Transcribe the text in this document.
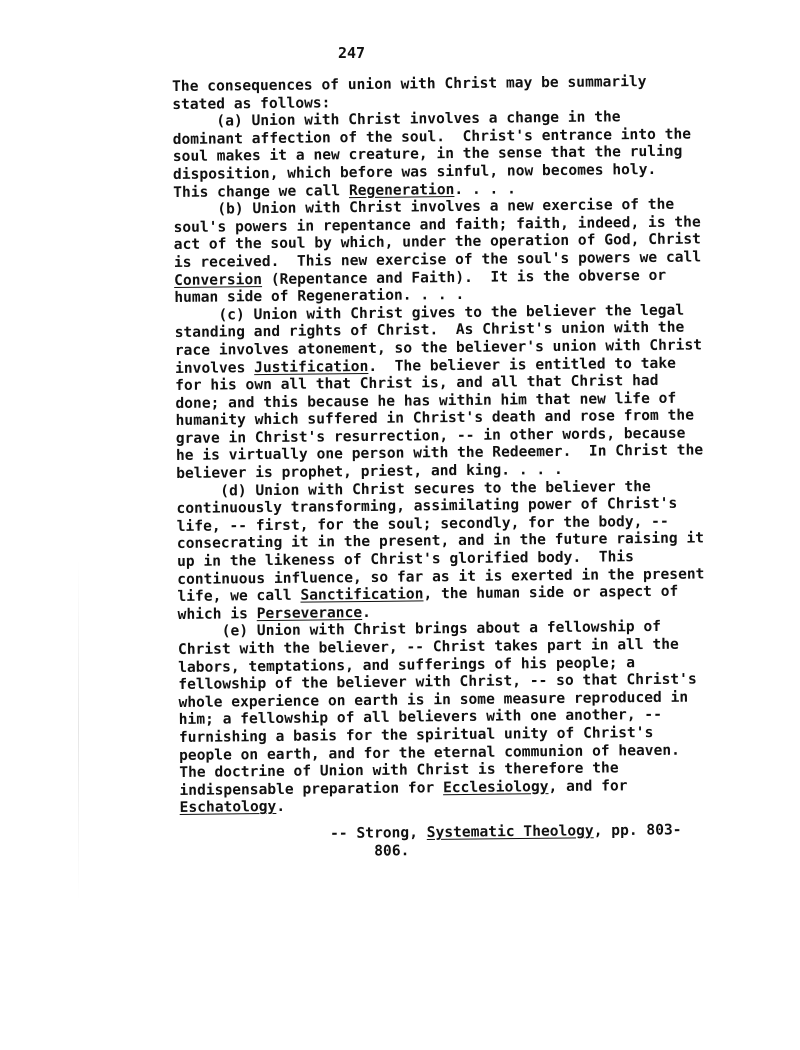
247
The consequences of union with Christ may be summarily
stated as follows:
(a) Union with Christ involves a change in the
dominant affection of the soul.  Christ's entrance into the
soul makes it a new creature, in the sense that the ruling
disposition, which before was sinful, now becomes holy.
This change we call Regeneration. . . .
(b) Union with Christ involves a new exercise of the
soul's powers in repentance and faith; faith, indeed, is the
act of the soul by which, under the operation of God, Christ
is received.  This new exercise of the soul's powers we call
Conversion (Repentance and Faith).  It is the obverse or
human side of Regeneration. . . .
(c) Union with Christ gives to the believer the legal
standing and rights of Christ.  As Christ's union with the
race involves atonement, so the believer's union with Christ
involves Justification.  The believer is entitled to take
for his own all that Christ is, and all that Christ had
done; and this because he has within him that new life of
humanity which suffered in Christ's death and rose from the
grave in Christ's resurrection, -- in other words, because
he is virtually one person with the Redeemer.  In Christ the
believer is prophet, priest, and king. . . .
(d) Union with Christ secures to the believer the
continuously transforming, assimilating power of Christ's
life, -- first, for the soul; secondly, for the body, --
consecrating it in the present, and in the future raising it
up in the likeness of Christ's glorified body.  This
continuous influence, so far as it is exerted in the present
life, we call Sanctification, the human side or aspect of
which is Perseverance.
(e) Union with Christ brings about a fellowship of
Christ with the believer, -- Christ takes part in all the
labors, temptations, and sufferings of his people; a
fellowship of the believer with Christ, -- so that Christ's
whole experience on earth is in some measure reproduced in
him; a fellowship of all believers with one another, --
furnishing a basis for the spiritual unity of Christ's
people on earth, and for the eternal communion of heaven.
The doctrine of Union with Christ is therefore the
indispensable preparation for Ecclesiology, and for
Eschatology.
-- Strong, Systematic Theology, pp. 803-
806.
